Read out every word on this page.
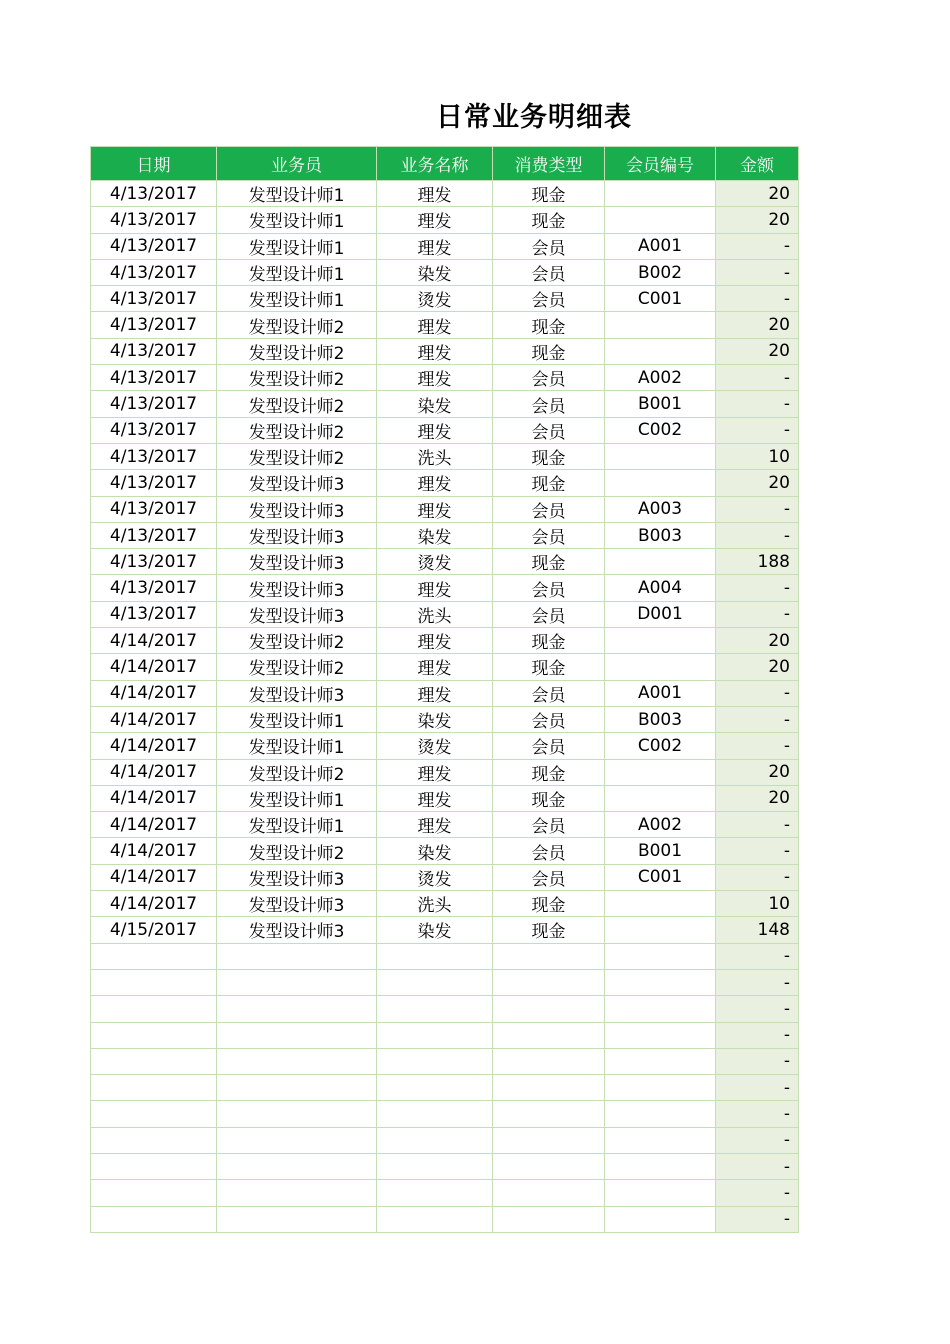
日常业务明细表
日期	业务员	业务名称	消费类型	会员编号	金额
4/13/2017	发型设计师1	理发	现金		20
4/13/2017	发型设计师1	理发	现金		20
4/13/2017	发型设计师1	理发	会员	A001	-
4/13/2017	发型设计师1	染发	会员	B002	-
4/13/2017	发型设计师1	烫发	会员	C001	-
4/13/2017	发型设计师2	理发	现金		20
4/13/2017	发型设计师2	理发	现金		20
4/13/2017	发型设计师2	理发	会员	A002	-
4/13/2017	发型设计师2	染发	会员	B001	-
4/13/2017	发型设计师2	理发	会员	C002	-
4/13/2017	发型设计师2	洗头	现金		10
4/13/2017	发型设计师3	理发	现金		20
4/13/2017	发型设计师3	理发	会员	A003	-
4/13/2017	发型设计师3	染发	会员	B003	-
4/13/2017	发型设计师3	烫发	现金		188
4/13/2017	发型设计师3	理发	会员	A004	-
4/13/2017	发型设计师3	洗头	会员	D001	-
4/14/2017	发型设计师2	理发	现金		20
4/14/2017	发型设计师2	理发	现金		20
4/14/2017	发型设计师3	理发	会员	A001	-
4/14/2017	发型设计师1	染发	会员	B003	-
4/14/2017	发型设计师1	烫发	会员	C002	-
4/14/2017	发型设计师2	理发	现金		20
4/14/2017	发型设计师1	理发	现金		20
4/14/2017	发型设计师1	理发	会员	A002	-
4/14/2017	发型设计师2	染发	会员	B001	-
4/14/2017	发型设计师3	烫发	会员	C001	-
4/14/2017	发型设计师3	洗头	现金		10
4/15/2017	发型设计师3	染发	现金		148
					-
					-
					-
					-
					-
					-
					-
					-
					-
					-
					-
